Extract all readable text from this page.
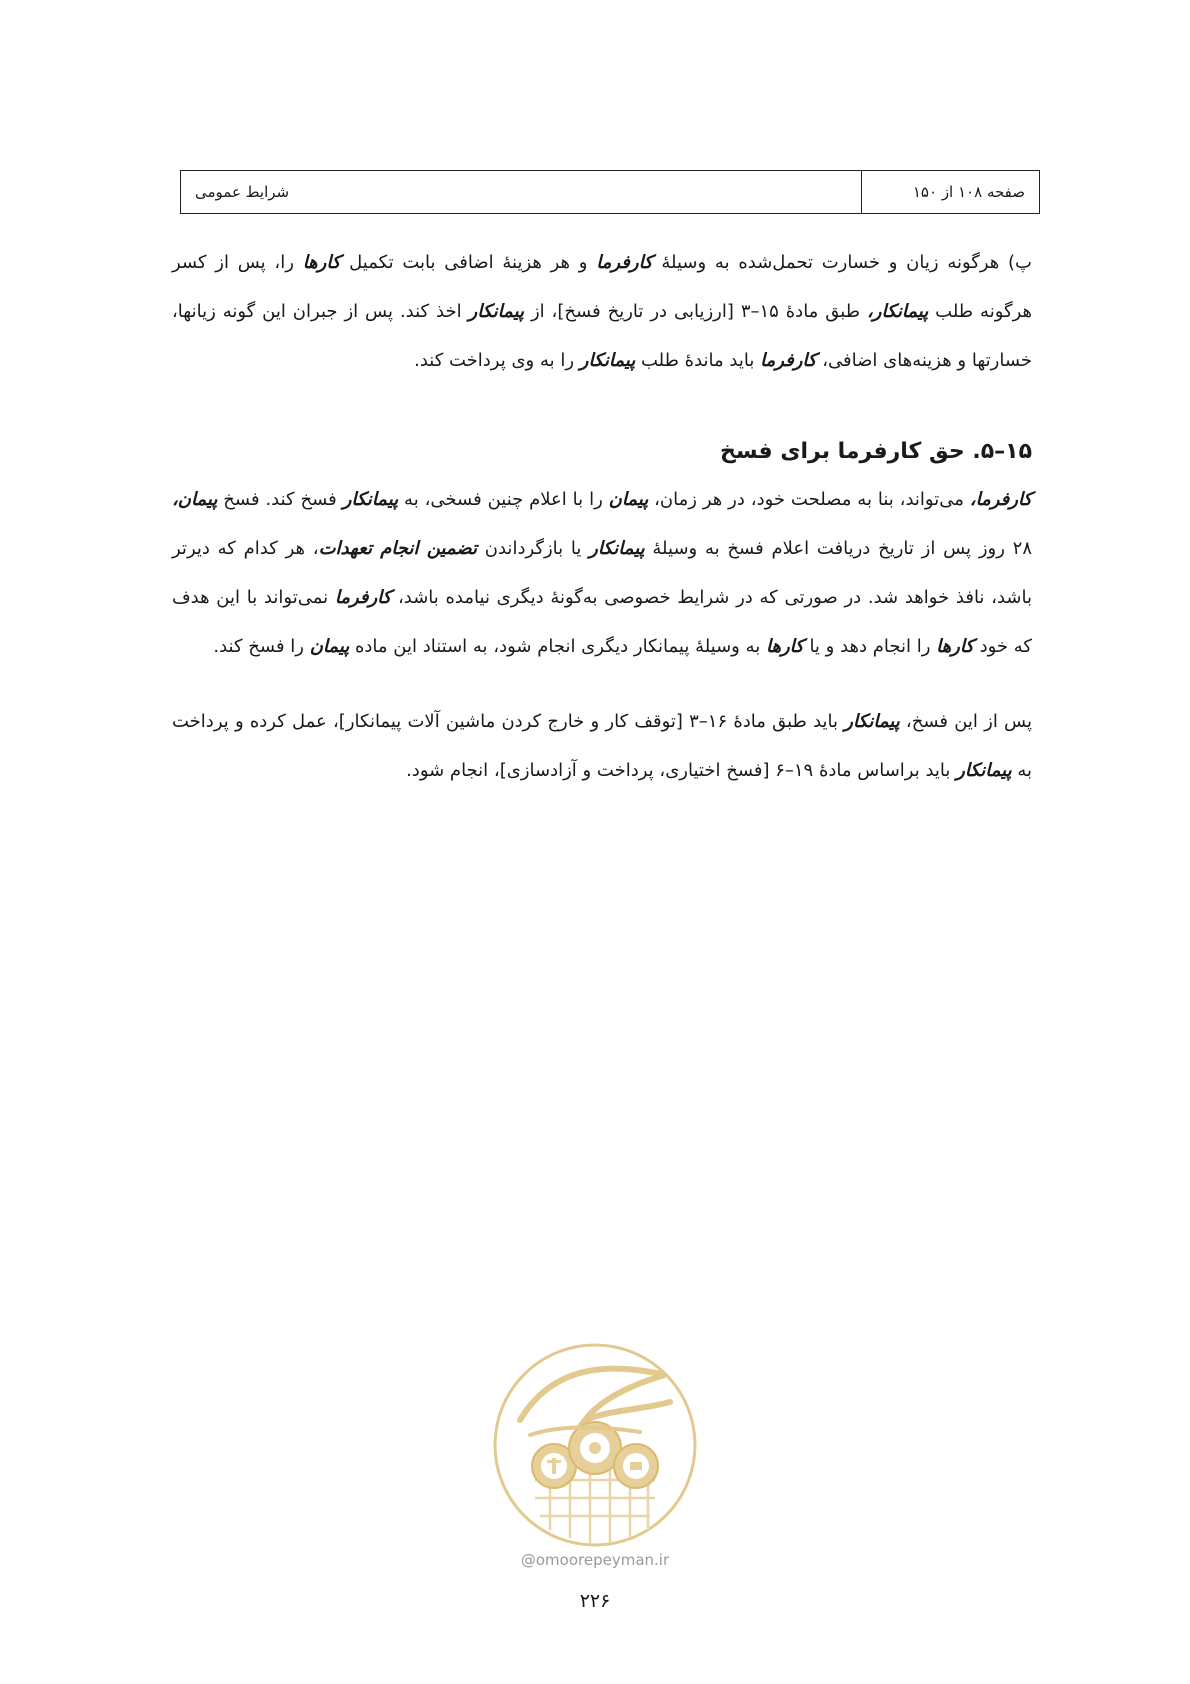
صفحه ۱۰۸ از ۱۵۰
شرایط عمومی

پ) هرگونه زیان و خسارت تحمل‌شده به وسیلهٔ کارفرما و هر هزینهٔ اضافی بابت تکمیل کارها را، پس از کسر هرگونه طلب پیمانکار، طبق مادهٔ ۱۵–۳ [ارزیابی در تاریخ فسخ]، از پیمانکار اخذ کند. پس از جبران این گونه زیانها، خسارتها و هزینه‌های اضافی، کارفرما باید ماندهٔ طلب پیمانکار را به وی پرداخت کند.

۱۵–۵. حق کارفرما برای فسخ

کارفرما، می‌تواند، بنا به مصلحت خود، در هر زمان، پیمان را با اعلام چنین فسخی، به پیمانکار فسخ کند. فسخ پیمان، ۲۸ روز پس از تاریخ دریافت اعلام فسخ به وسیلهٔ پیمانکار یا بازگرداندن تضمین انجام تعهدات، هر کدام که دیرتر باشد، نافذ خواهد شد. در صورتی که در شرایط خصوصی به‌گونهٔ دیگری نیامده باشد، کارفرما نمی‌تواند با این هدف که خود کارها را انجام دهد و یا کارها به وسیلهٔ پیمانکار دیگری انجام شود، به استناد این ماده پیمان را فسخ کند.

پس از این فسخ، پیمانکار باید طبق مادهٔ ۱۶–۳ [توقف کار و خارج کردن ماشین آلات پیمانکار]، عمل کرده و پرداخت به پیمانکار باید براساس مادهٔ ۱۹–۶ [فسخ اختیاری، پرداخت و آزادسازی]، انجام شود.

@omoorepeyman.ir
۲۲۶
